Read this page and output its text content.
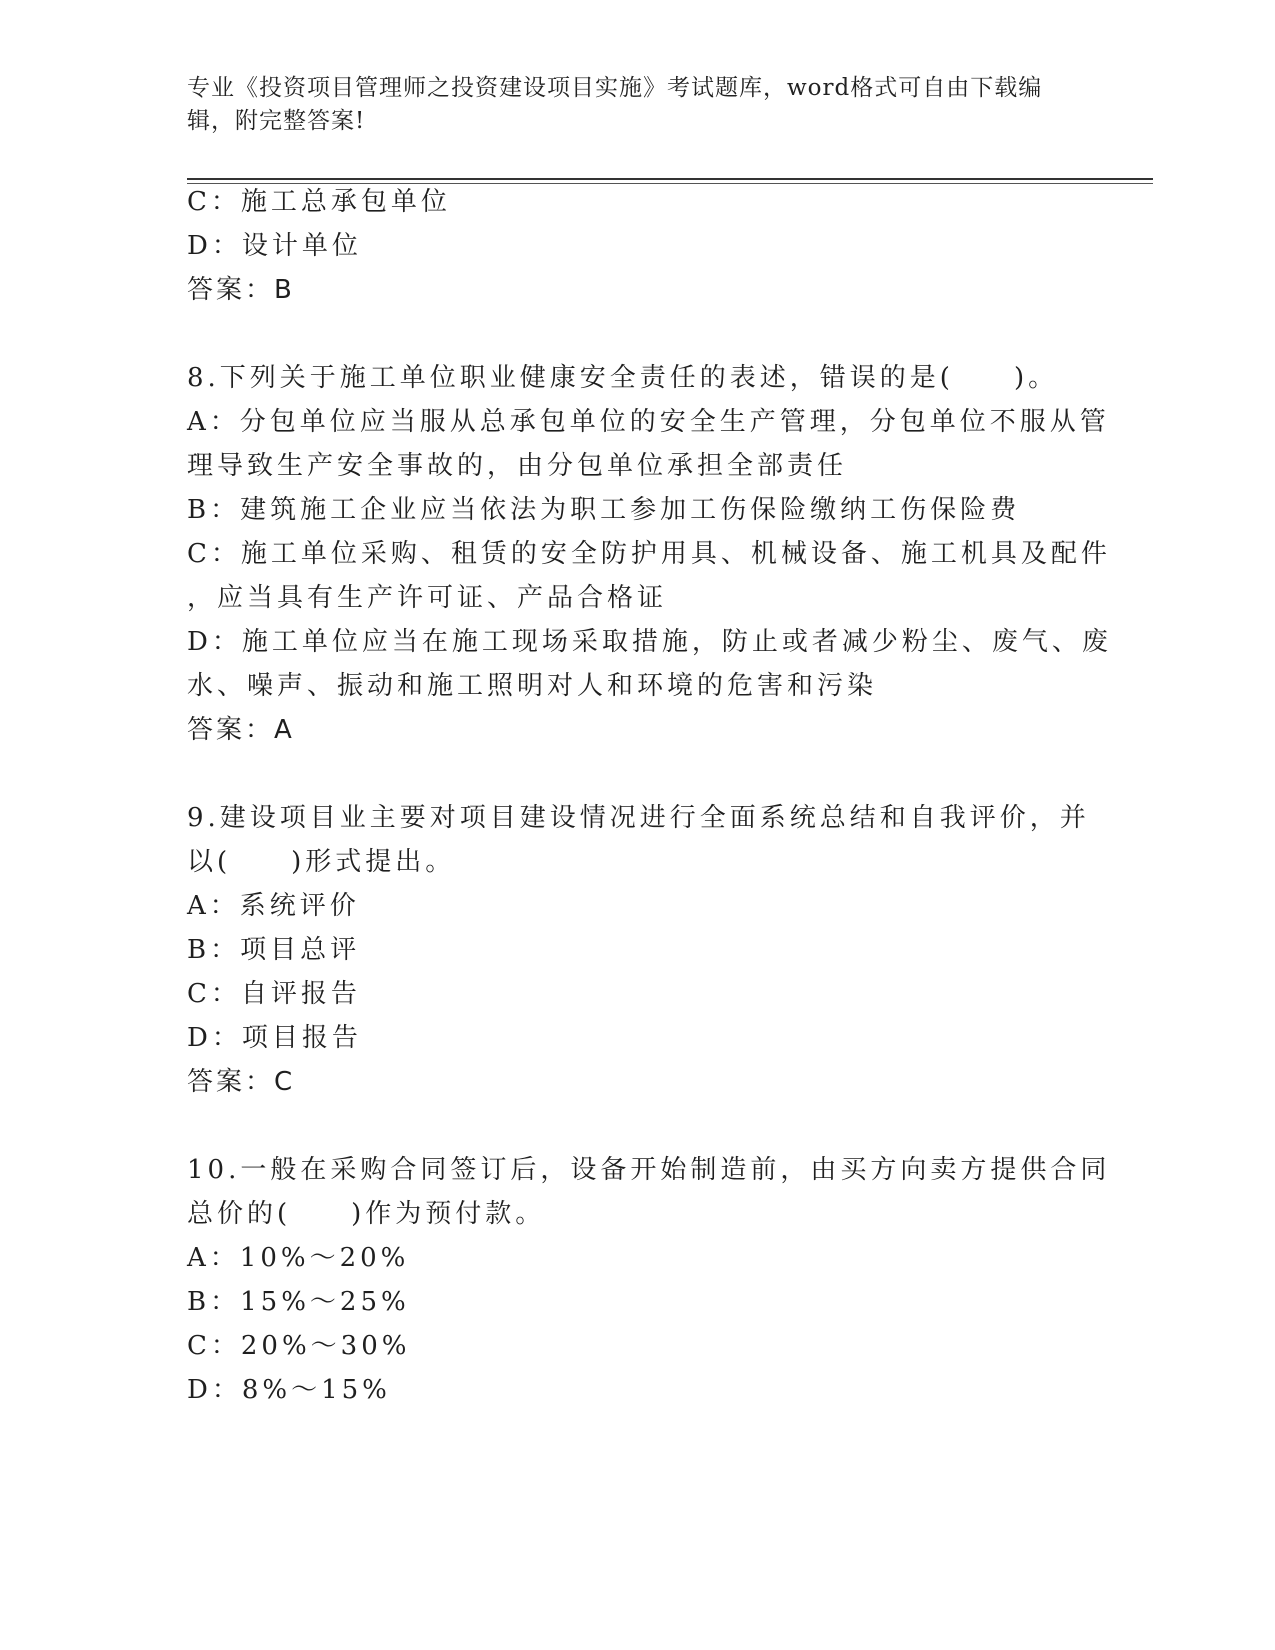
专业《投资项目管理师之投资建设项目实施》考试题库，word格式可自由下载编
辑，附完整答案!
C：施工总承包单位
D：设计单位
答案：B
8.下列关于施工单位职业健康安全责任的表述，错误的是(　　)。
A：分包单位应当服从总承包单位的安全生产管理，分包单位不服从管
理导致生产安全事故的，由分包单位承担全部责任
B：建筑施工企业应当依法为职工参加工伤保险缴纳工伤保险费
C：施工单位采购、租赁的安全防护用具、机械设备、施工机具及配件
，应当具有生产许可证、产品合格证
D：施工单位应当在施工现场采取措施，防止或者减少粉尘、废气、废
水、噪声、振动和施工照明对人和环境的危害和污染
答案：A
9.建设项目业主要对项目建设情况进行全面系统总结和自我评价，并
以(　　)形式提出。
A：系统评价
B：项目总评
C：自评报告
D：项目报告
答案：C
10.一般在采购合同签订后，设备开始制造前，由买方向卖方提供合同
总价的(　　)作为预付款。
A：10%～20%
B：15%～25%
C：20%～30%
D：8%～15%
